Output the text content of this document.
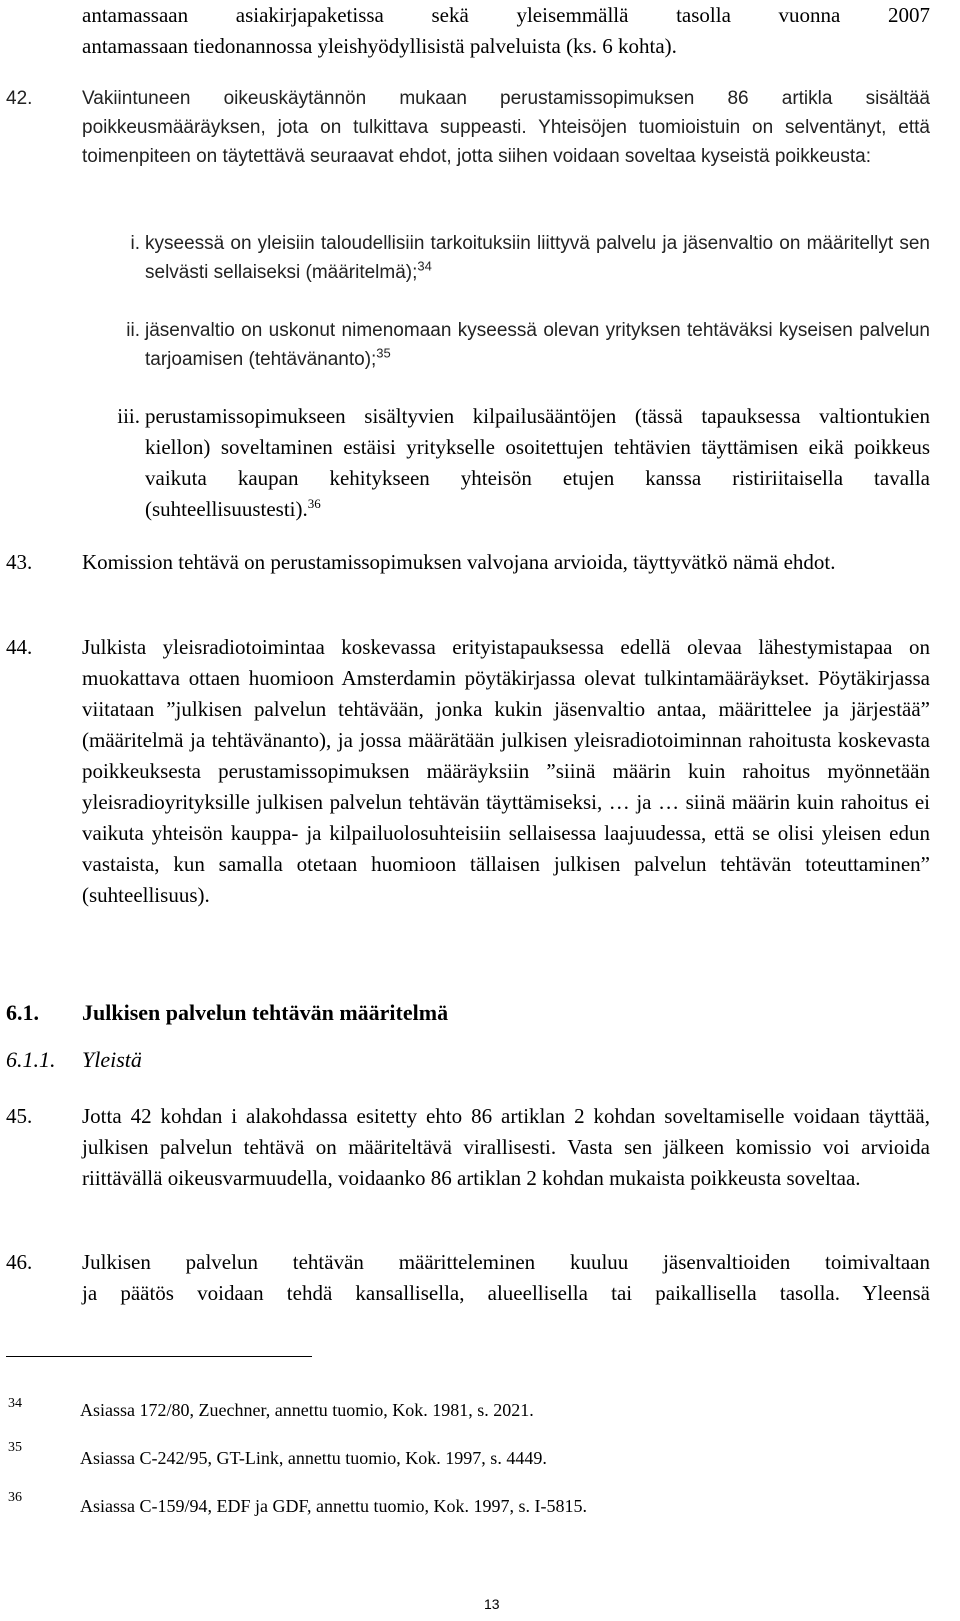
antamassaan asiakirjapaketissa sekä yleisemmällä tasolla vuonna 2007
antamassaan tiedonannossa yleishyödyllisistä palveluista (ks. 6 kohta).
42.	Vakiintuneen oikeuskäytännön mukaan perustamissopimuksen 86 artikla sisältää poikkeusmääräyksen, jota on tulkittava suppeasti. Yhteisöjen tuomioistuin on selventänyt, että toimenpiteen on täytettävä seuraavat ehdot, jotta siihen voidaan soveltaa kyseistä poikkeusta:
i. kyseessä on yleisiin taloudellisiin tarkoituksiin liittyvä palvelu ja jäsenvaltio on määritellyt sen selvästi sellaiseksi (määritelmä);$^{34}$
ii. jäsenvaltio on uskonut nimenomaan kyseessä olevan yrityksen tehtäväksi kyseisen palvelun tarjoamisen (tehtävänanto);$^{35}$
iii. perustamissopimukseen sisältyvien kilpailusääntöjen (tässä tapauksessa valtiontukien kiellon) soveltaminen estäisi yritykselle osoitettujen tehtävien täyttämisen eikä poikkeus vaikuta kaupan kehitykseen yhteisön etujen kanssa ristiriitaisella tavalla (suhteellisuustesti).$^{36}$
43. Komission tehtävä on perustamissopimuksen valvojana arvioida, täyttyvätkö nämä ehdot.
44. Julkista yleisradiotoimintaa koskevassa erityistapauksessa edellä olevaa lähestymistapaa on muokattava ottaen huomioon Amsterdamin pöytäkirjassa olevat tulkintamääräykset. Pöytäkirjassa viitataan ”julkisen palvelun tehtävään, jonka kukin jäsenvaltio antaa, määrittelee ja järjestää” (määritelmä ja tehtävänanto), ja jossa määrätään julkisen yleisradiotoiminnan rahoitusta koskevasta poikkeuksesta perustamissopimuksen määräyksiin ”siinä määrin kuin rahoitus myönnetään yleisradioyrityksille julkisen palvelun tehtävän täyttämiseksi, … ja … siinä määrin kuin rahoitus ei vaikuta yhteisön kauppa- ja kilpailuolosuhteisiin sellaisessa laajuudessa, että se olisi yleisen edun vastaista, kun samalla otetaan huomioon tällaisen julkisen palvelun tehtävän toteuttaminen” (suhteellisuus).
6.1. Julkisen palvelun tehtävän määritelmä
6.1.1. Yleistä
45. Jotta 42 kohdan i alakohdassa esitetty ehto 86 artiklan 2 kohdan soveltamiselle voidaan täyttää, julkisen palvelun tehtävä on määriteltävä virallisesti. Vasta sen jälkeen komissio voi arvioida riittävällä oikeusvarmuudella, voidaanko 86 artiklan 2 kohdan mukaista poikkeusta soveltaa.
46. Julkisen palvelun tehtävän määritteleminen kuuluu jäsenvaltioiden toimivaltaan
ja päätös voidaan tehdä kansallisella, alueellisella tai paikallisella tasolla. Yleensä
34	Asiassa 172/80, Zuechner, annettu tuomio, Kok. 1981, s. 2021.
35
Asiassa C-242/95, GT-Link, annettu tuomio, Kok. 1997, s. 4449.
36	Asiassa C-159/94, EDF ja GDF, annettu tuomio, Kok. 1997, s. I-5815.
13
